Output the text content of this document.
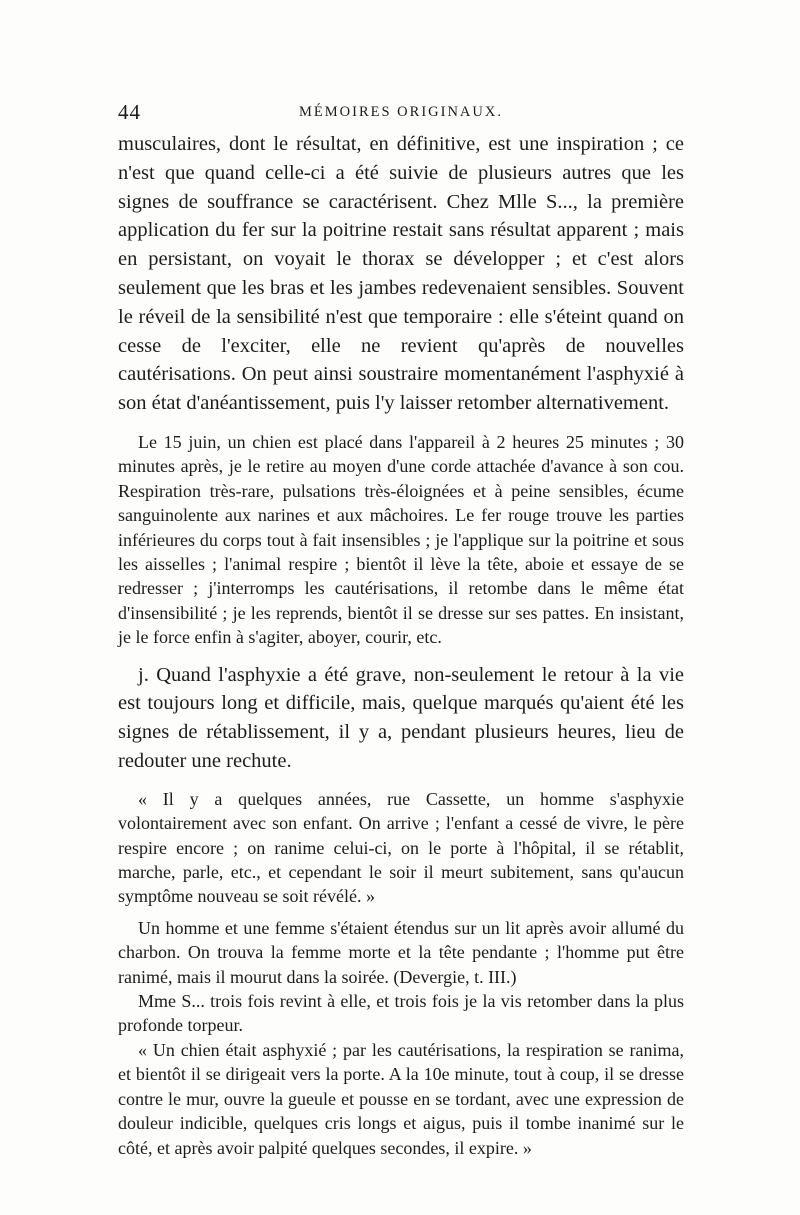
44	MÉMOIRES ORIGINAUX.

musculaires, dont le résultat, en définitive, est une inspiration ; ce n'est que quand celle-ci a été suivie de plusieurs autres que les signes de souffrance se caractérisent. Chez Mlle S..., la première application du fer sur la poitrine restait sans résultat apparent ; mais en persistant, on voyait le thorax se développer ; et c'est alors seulement que les bras et les jambes redevenaient sensibles. Souvent le réveil de la sensibilité n'est que temporaire : elle s'éteint quand on cesse de l'exciter, elle ne revient qu'après de nouvelles cautérisations. On peut ainsi soustraire momentanément l'asphyxié à son état d'anéantissement, puis l'y laisser retomber alternativement.

Le 15 juin, un chien est placé dans l'appareil à 2 heures 25 minutes ; 30 minutes après, je le retire au moyen d'une corde attachée d'avance à son cou. Respiration très-rare, pulsations très-éloignées et à peine sensibles, écume sanguinolente aux narines et aux mâchoires. Le fer rouge trouve les parties inférieures du corps tout à fait insensibles ; je l'applique sur la poitrine et sous les aisselles ; l'animal respire ; bientôt il lève la tête, aboie et essaye de se redresser ; j'interromps les cautérisations, il retombe dans le même état d'insensibilité ; je les reprends, bientôt il se dresse sur ses pattes. En insistant, je le force enfin à s'agiter, aboyer, courir, etc.

j. Quand l'asphyxie a été grave, non-seulement le retour à la vie est toujours long et difficile, mais, quelque marqués qu'aient été les signes de rétablissement, il y a, pendant plusieurs heures, lieu de redouter une rechute.

« Il y a quelques années, rue Cassette, un homme s'asphyxie volontairement avec son enfant. On arrive ; l'enfant a cessé de vivre, le père respire encore ; on ranime celui-ci, on le porte à l'hôpital, il se rétablit, marche, parle, etc., et cependant le soir il meurt subitement, sans qu'aucun symptôme nouveau se soit révélé. »

Un homme et une femme s'étaient étendus sur un lit après avoir allumé du charbon. On trouva la femme morte et la tête pendante ; l'homme put être ranimé, mais il mourut dans la soirée. (Devergie, t. III.)

Mme S... trois fois revint à elle, et trois fois je la vis retomber dans la plus profonde torpeur.

« Un chien était asphyxié ; par les cautérisations, la respiration se ranima, et bientôt il se dirigeait vers la porte. A la 10e minute, tout à coup, il se dresse contre le mur, ouvre la gueule et pousse en se tordant, avec une expression de douleur indicible, quelques cris longs et aigus, puis il tombe inanimé sur le côté, et après avoir palpité quelques secondes, il expire. »
